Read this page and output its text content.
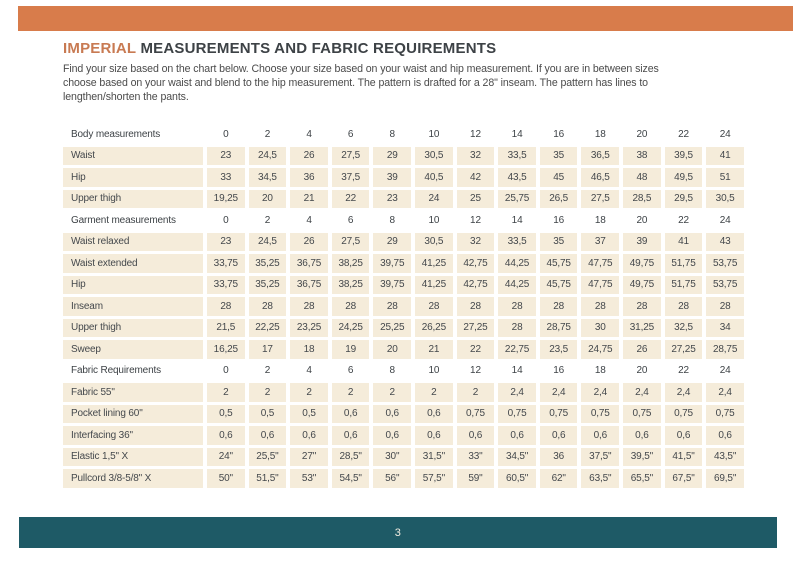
IMPERIAL MEASUREMENTS AND FABRIC REQUIREMENTS
Find your size based on the chart below. Choose your size based on your waist and hip measurement. If you are in between sizes
choose based on your waist and blend to the hip measurement. The pattern is drafted for a 28" inseam. The pattern has lines to
lengthen/shorten the pants.
Body measurements	0	2	4	6	8	10	12	14	16	18	20	22	24
Waist	23	24,5	26	27,5	29	30,5	32	33,5	35	36,5	38	39,5	41
Hip	33	34,5	36	37,5	39	40,5	42	43,5	45	46,5	48	49,5	51
Upper thigh	19,25	20	21	22	23	24	25	25,75	26,5	27,5	28,5	29,5	30,5
Garment measurements	0	2	4	6	8	10	12	14	16	18	20	22	24
Waist relaxed	23	24,5	26	27,5	29	30,5	32	33,5	35	37	39	41	43
Waist extended	33,75	35,25	36,75	38,25	39,75	41,25	42,75	44,25	45,75	47,75	49,75	51,75	53,75
Hip	33,75	35,25	36,75	38,25	39,75	41,25	42,75	44,25	45,75	47,75	49,75	51,75	53,75
Inseam	28	28	28	28	28	28	28	28	28	28	28	28	28
Upper thigh	21,5	22,25	23,25	24,25	25,25	26,25	27,25	28	28,75	30	31,25	32,5	34
Sweep	16,25	17	18	19	20	21	22	22,75	23,5	24,75	26	27,25	28,75
Fabric Requirements	0	2	4	6	8	10	12	14	16	18	20	22	24
Fabric 55"	2	2	2	2	2	2	2	2,4	2,4	2,4	2,4	2,4	2,4
Pocket lining 60"	0,5	0,5	0,5	0,6	0,6	0,6	0,75	0,75	0,75	0,75	0,75	0,75	0,75
Interfacing 36"	0,6	0,6	0,6	0,6	0,6	0,6	0,6	0,6	0,6	0,6	0,6	0,6	0,6
Elastic 1,5" X	24"	25,5"	27"	28,5"	30"	31,5"	33"	34,5"	36	37,5"	39,5"	41,5"	43,5"
Pullcord 3/8-5/8" X	50"	51,5"	53"	54,5"	56"	57,5"	59"	60,5"	62"	63,5"	65,5"	67,5"	69,5"
3
